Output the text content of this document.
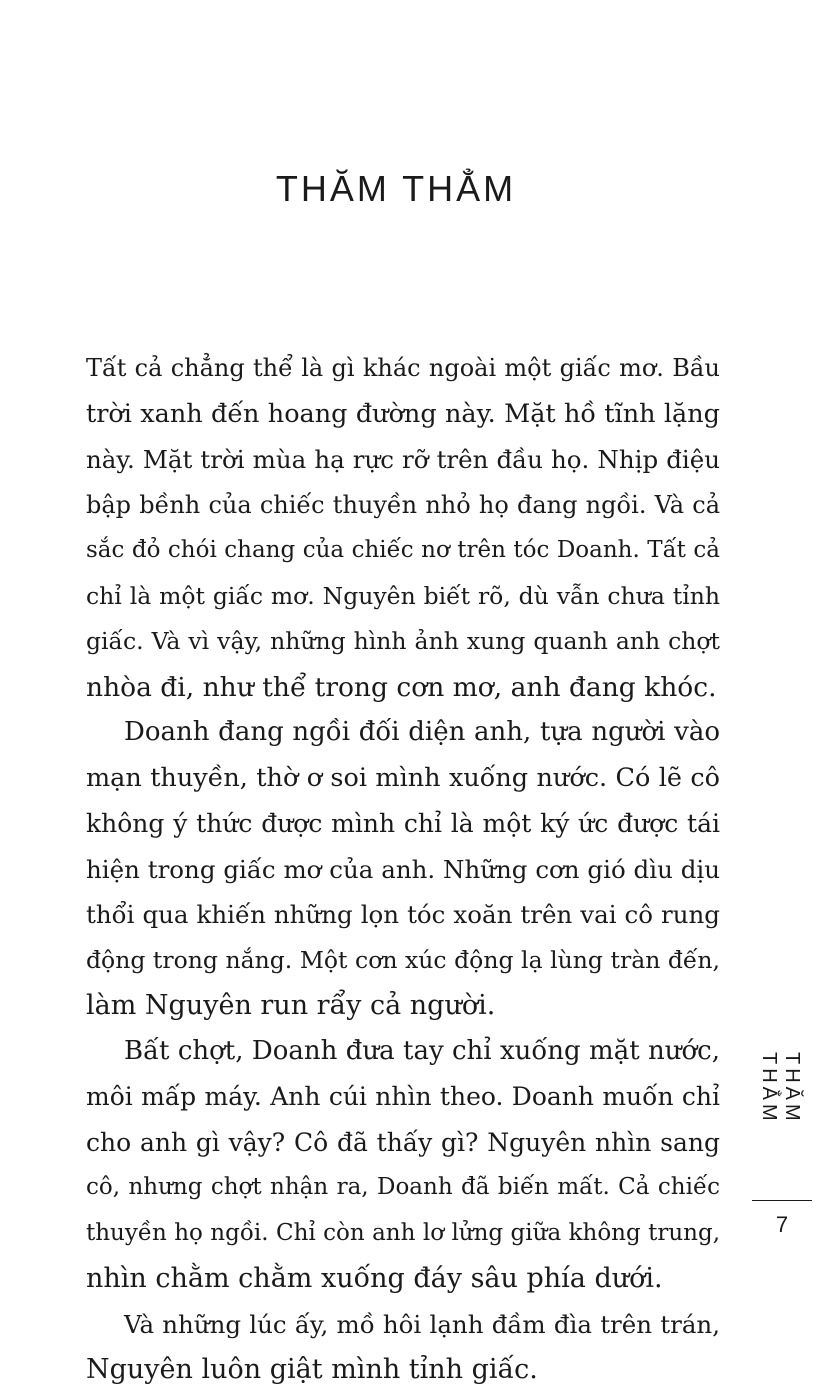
THĂM THẲM
Tất cả chẳng thể là gì khác ngoài một giấc mơ. Bầu
trời xanh đến hoang đường này. Mặt hồ tĩnh lặng
này. Mặt trời mùa hạ rực rỡ trên đầu họ. Nhịp điệu
bập bềnh của chiếc thuyền nhỏ họ đang ngồi. Và cả
sắc đỏ chói chang của chiếc nơ trên tóc Doanh. Tất cả
chỉ là một giấc mơ. Nguyên biết rõ, dù vẫn chưa tỉnh
giấc. Và vì vậy, những hình ảnh xung quanh anh chợt
nhòa đi, như thể trong cơn mơ, anh đang khóc.
Doanh đang ngồi đối diện anh, tựa người vào
mạn thuyền, thờ ơ soi mình xuống nước. Có lẽ cô
không ý thức được mình chỉ là một ký ức được tái
hiện trong giấc mơ của anh. Những cơn gió dìu dịu
thổi qua khiến những lọn tóc xoăn trên vai cô rung
động trong nắng. Một cơn xúc động lạ lùng tràn đến,
làm Nguyên run rẩy cả người.
Bất chợt, Doanh đưa tay chỉ xuống mặt nước,
môi mấp máy. Anh cúi nhìn theo. Doanh muốn chỉ
cho anh gì vậy? Cô đã thấy gì? Nguyên nhìn sang
cô, nhưng chợt nhận ra, Doanh đã biến mất. Cả chiếc
thuyền họ ngồi. Chỉ còn anh lơ lửng giữa không trung,
nhìn chằm chằm xuống đáy sâu phía dưới.
Và những lúc ấy, mồ hôi lạnh đầm đìa trên trán,
Nguyên luôn giật mình tỉnh giấc.
THĂM THẲM
7
